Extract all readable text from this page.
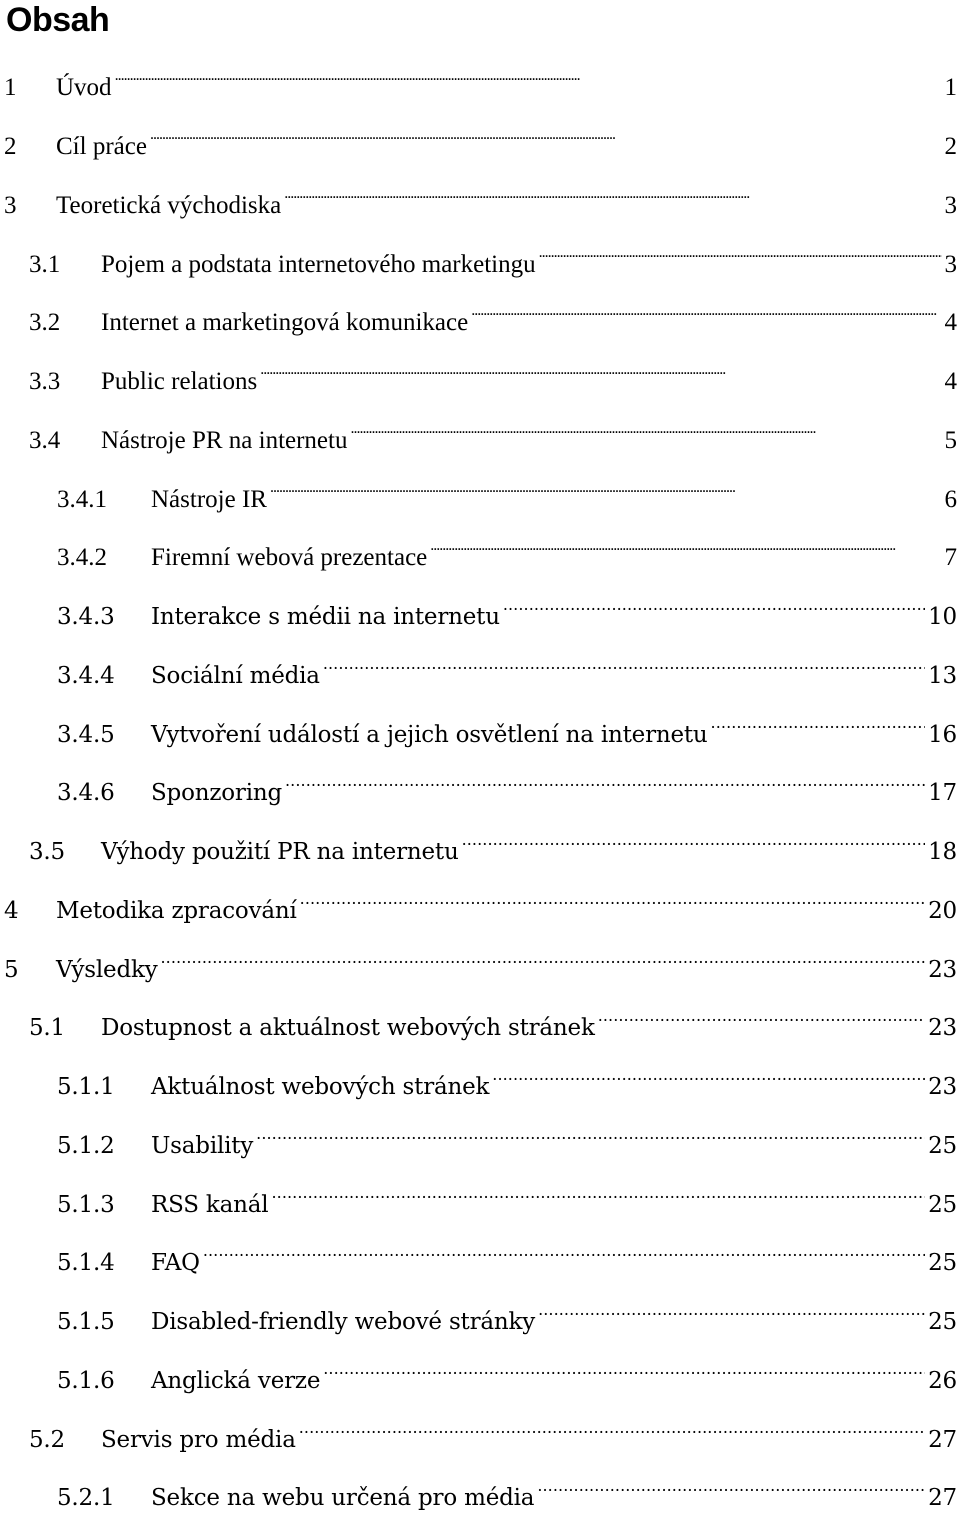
Obsah
1	Úvod . . .	1
2	Cíl práce . . .	2
3	Teoretická východiska . . .	3
3.1	Pojem a podstata internetového marketingu . . .	3
3.2	Internet a marketingová komunikace . . .	4
3.3	Public relations . . .	4
3.4	Nástroje PR na internetu . . .	5
3.4.1	Nástroje IR . . .	6
3.4.2	Firemní webová prezentace . . .	7
3.4.3	Interakce s médii na internetu . . .	10
3.4.4	Sociální média . . .	13
3.4.5	Vytvoření událostí a jejich osvětlení na internetu . . .	16
3.4.6	Sponzoring . . .	17
3.5	Výhody použití PR na internetu . . .	18
4	Metodika zpracování . . .	20
5	Výsledky . . .	23
5.1	Dostupnost a aktuálnost webových stránek . . .	23
5.1.1	Aktuálnost webových stránek . . .	23
5.1.2	Usability . . .	25
5.1.3	RSS kanál . . .	25
5.1.4	FAQ . . .	25
5.1.5	Disabled-friendly webové stránky . . .	25
5.1.6	Anglická verze . . .	26
5.2	Servis pro média . . .	27
5.2.1	Sekce na webu určená pro média . . .	27
